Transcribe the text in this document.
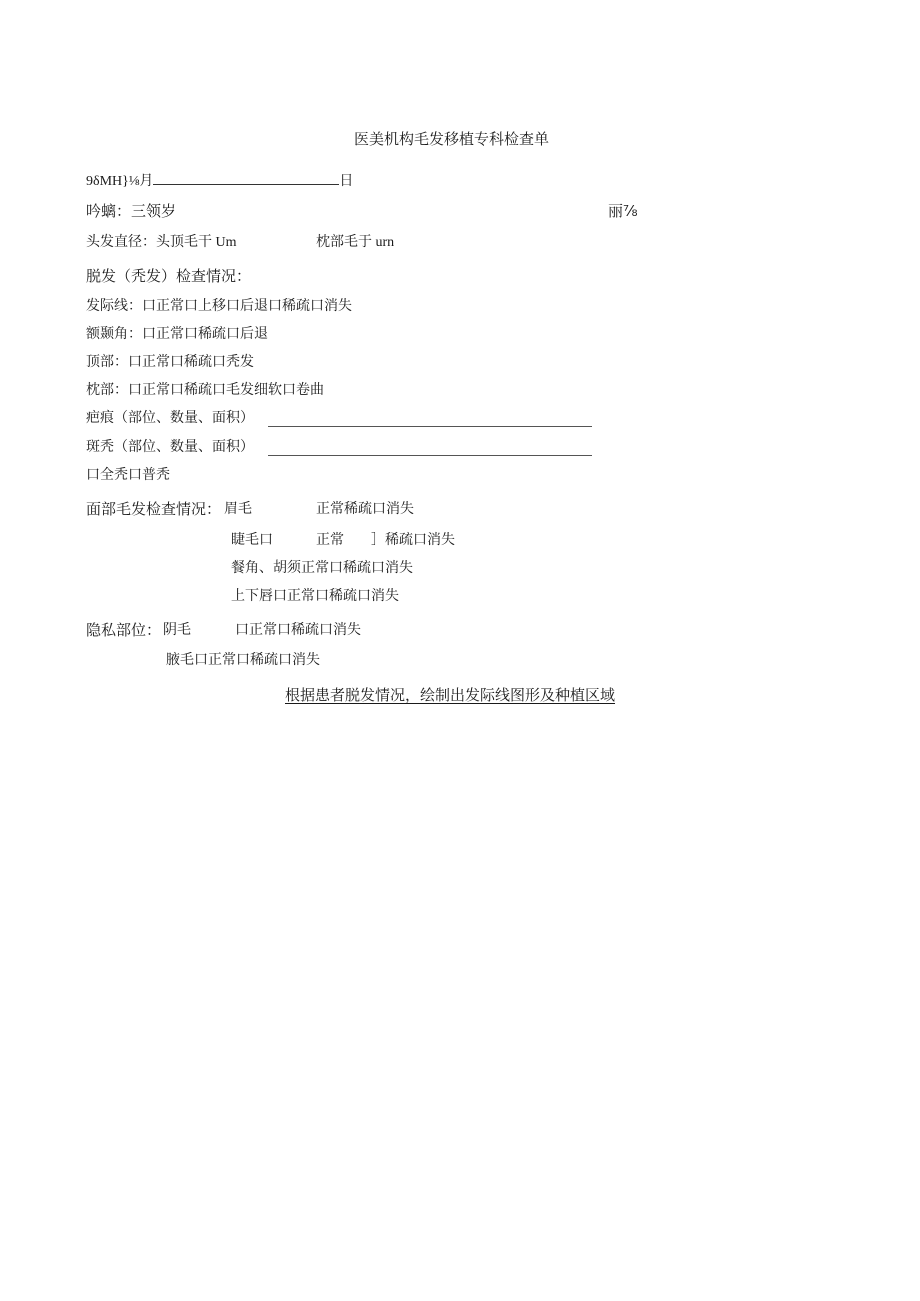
医美机构毛发移植专科检查单
9δMH}⅛月	日
吟螭：三领岁	丽⅞
头发直径：头顶毛干 Um	枕部毛于 urn
脱发（秃发）检查情况：
发际线：口正常口上移口后退口稀疏口消失
额颞角：口正常口稀疏口后退
顶部：口正常口稀疏口秃发
枕部：口正常口稀疏口毛发细软口卷曲
疤痕（部位、数量、面积）
斑秃（部位、数量、面积）
口全秃口普秃
面部毛发检查情况： 眉毛	正常稀疏口消失
睫毛口	正常 ］稀疏口消失
餐角、胡须正常口稀疏口消失
上下唇口正常口稀疏口消失
隐私部位： 阴毛	口正常口稀疏口消失
腋毛口正常口稀疏口消失
根据患者脱发情况，绘制出发际线图形及种植区域
